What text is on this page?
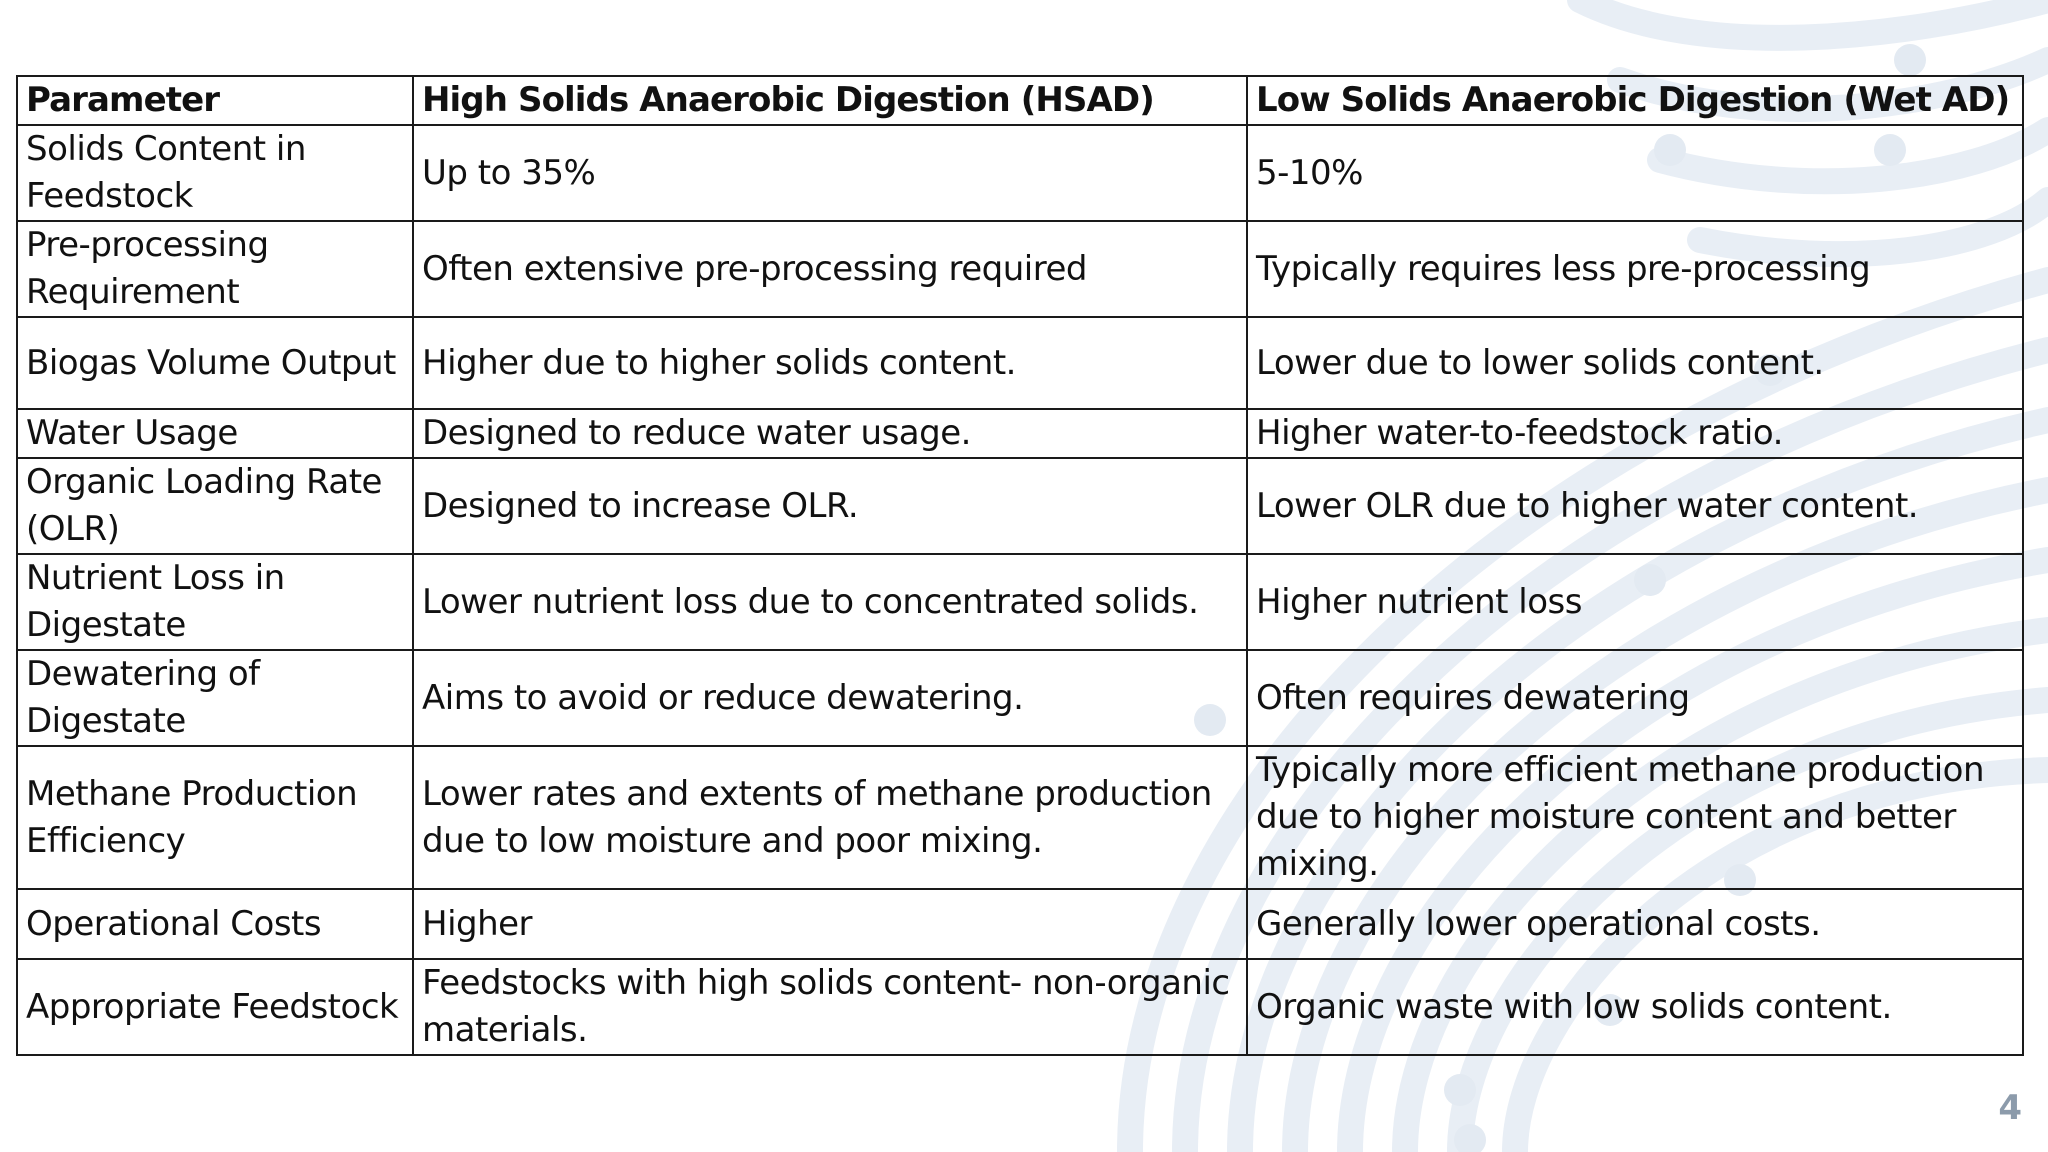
Parameter	High Solids Anaerobic Digestion (HSAD)	Low Solids Anaerobic Digestion (Wet AD)
Solids Content in Feedstock	Up to 35%	5-10%
Pre-processing Requirement	Often extensive pre-processing required	Typically requires less pre-processing
Biogas Volume Output	Higher due to higher solids content.	Lower due to lower solids content.
Water Usage	Designed to reduce water usage.	Higher water-to-feedstock ratio.
Organic Loading Rate (OLR)	Designed to increase OLR.	Lower OLR due to higher water content.
Nutrient Loss in Digestate	Lower nutrient loss due to concentrated solids.	Higher nutrient loss
Dewatering of Digestate	Aims to avoid or reduce dewatering.	Often requires dewatering
Methane Production Efficiency	Lower rates and extents of methane production due to low moisture and poor mixing.	Typically more efficient methane production due to higher moisture content and better mixing.
Operational Costs	Higher	Generally lower operational costs.
Appropriate Feedstock	Feedstocks with high solids content- non-organic materials.	Organic waste with low solids content.
4
